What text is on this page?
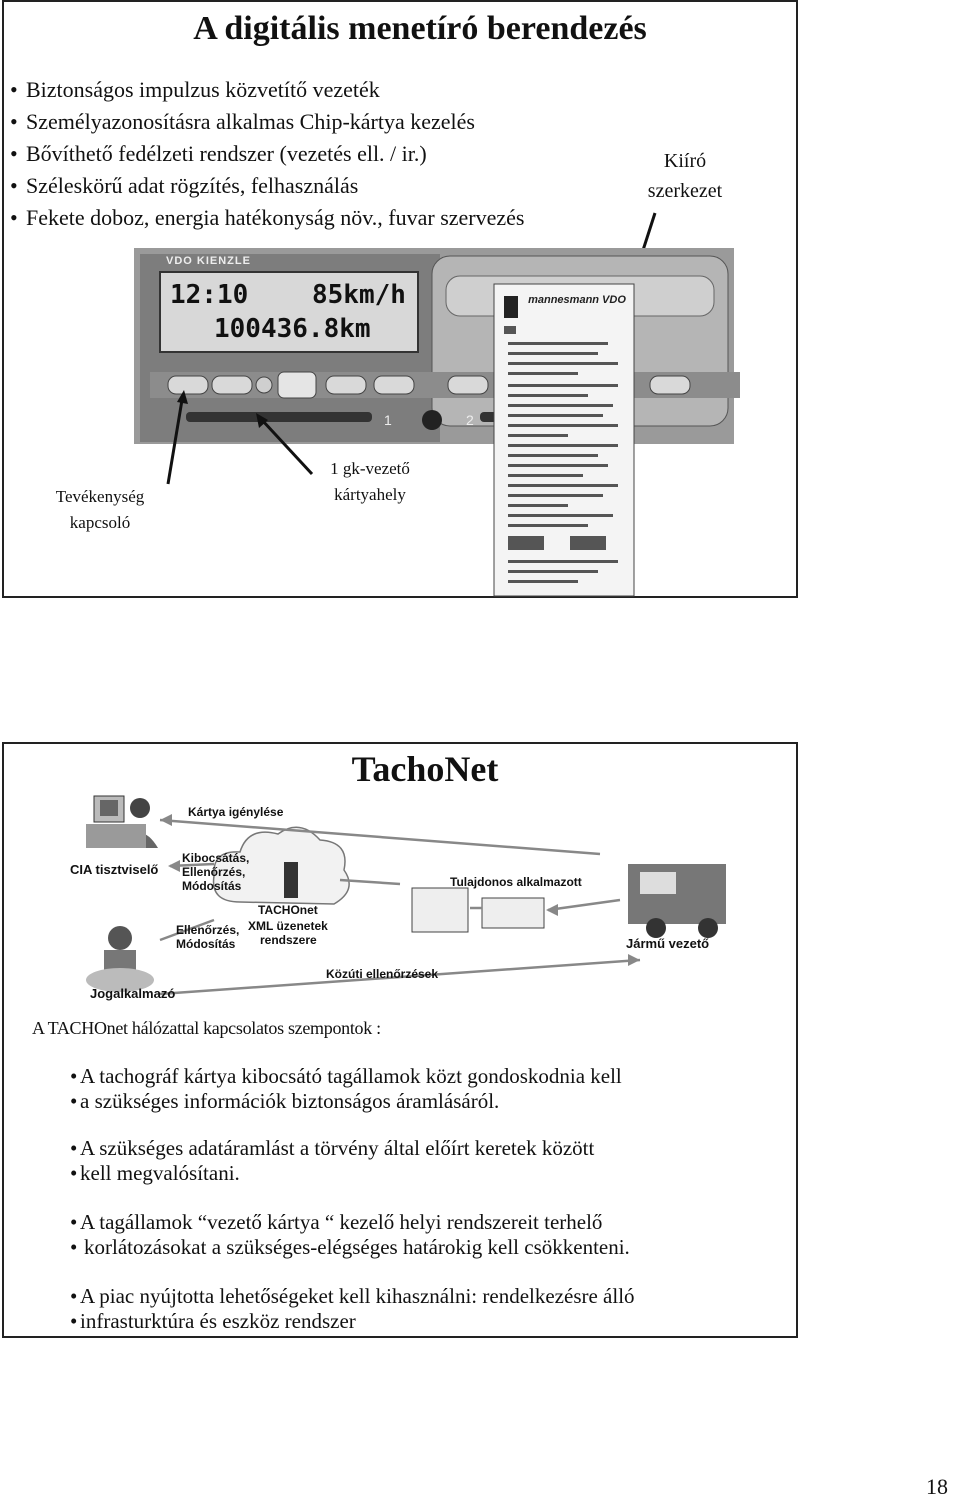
A digitális menetíró berendezés
• Biztonságos impulzus közvetítő vezeték
• Személyazonosításra alkalmas Chip-kártya kezelés
• Bővíthető fedélzeti rendszer (vezetés ell. / ir.)
• Széleskörű adat rögzítés, felhasználás
• Fekete doboz, energia hatékonyság növ., fuvar szervezés
Kiíró
szerkezet
VDO KIENZLE
12:10 85km/h
100436.8km
1	2
mannesmann VDO
Tevékenység
kapcsoló
1 gk-vezető
kártyahely
TachoNet
Kártya igénylése
CIA tisztviselő
Kibocsátás,
Ellenőrzés,
Módosítás
TACHOnet
XML üzenetek
rendszere
Ellenőrzés,
Módosítás
Tulajdonos alkalmazott
Jármű vezető
Közúti ellenőrzések
Jogalkalmazó
A TACHOnet hálózattal kapcsolatos szempontok :
• A tachográf kártya kibocsátó tagállamok közt gondoskodnia kell
• a szükséges információk biztonságos áramlásáról.
• A szükséges adatáramlást a törvény által előírt keretek között
• kell megvalósítani.
• A tagállamok “vezető kártya “ kezelő helyi rendszereit terhelő
• korlátozásokat a szükséges-elégséges határokig kell csökkenteni.
• A piac nyújtotta lehetőségeket kell kihasználni: rendelkezésre álló
• infrasturktúra és eszköz rendszer
18
